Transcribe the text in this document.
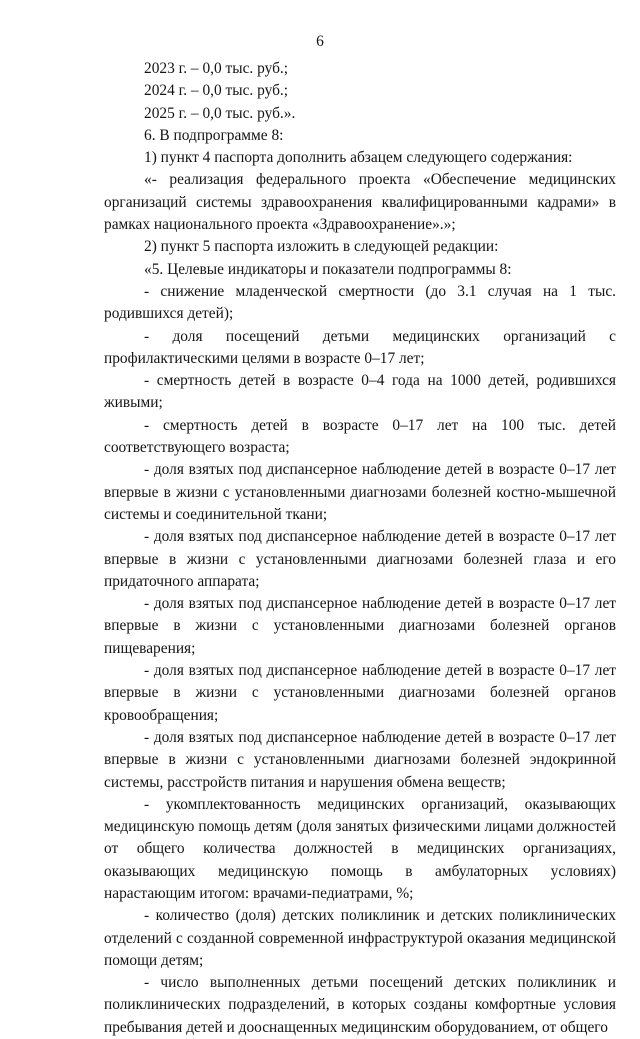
6

2023 г. – 0,0 тыс. руб.;

2024 г. – 0,0 тыс. руб.;

2025 г. – 0,0 тыс. руб.».

6. В подпрограмме 8:

1) пункт 4 паспорта дополнить абзацем следующего содержания:

«- реализация федерального проекта «Обеспечение медицинских организаций системы здравоохранения квалифицированными кадрами» в рамках национального проекта «Здравоохранение».»;

2) пункт 5 паспорта изложить в следующей редакции:

«5. Целевые индикаторы и показатели подпрограммы 8:

- снижение младенческой смертности (до 3.1 случая на 1 тыс. родившихся детей);

- доля посещений детьми медицинских организаций с профилактическими целями в возрасте 0–17 лет;

- смертность детей в возрасте 0–4 года на 1000 детей, родившихся живыми;

- смертность детей в возрасте 0–17 лет на 100 тыс. детей соответствующего возраста;

- доля взятых под диспансерное наблюдение детей в возрасте 0–17 лет впервые в жизни с установленными диагнозами болезней костно-мышечной системы и соединительной ткани;

- доля взятых под диспансерное наблюдение детей в возрасте 0–17 лет впервые в жизни с установленными диагнозами болезней глаза и его придаточного аппарата;

- доля взятых под диспансерное наблюдение детей в возрасте 0–17 лет впервые в жизни с установленными диагнозами болезней органов пищеварения;

- доля взятых под диспансерное наблюдение детей в возрасте 0–17 лет впервые в жизни с установленными диагнозами болезней органов кровообращения;

- доля взятых под диспансерное наблюдение детей в возрасте 0–17 лет впервые в жизни с установленными диагнозами болезней эндокринной системы, расстройств питания и нарушения обмена веществ;

- укомплектованность медицинских организаций, оказывающих медицинскую помощь детям (доля занятых физическими лицами должностей от общего количества должностей в медицинских организациях, оказывающих медицинскую помощь в амбулаторных условиях) нарастающим итогом: врачами-педиатрами, %;

- количество (доля) детских поликлиник и детских поликлинических отделений с созданной современной инфраструктурой оказания медицинской помощи детям;

- число выполненных детьми посещений детских поликлиник и поликлинических подразделений, в которых созданы комфортные условия пребывания детей и дооснащенных медицинским оборудованием, от общего
